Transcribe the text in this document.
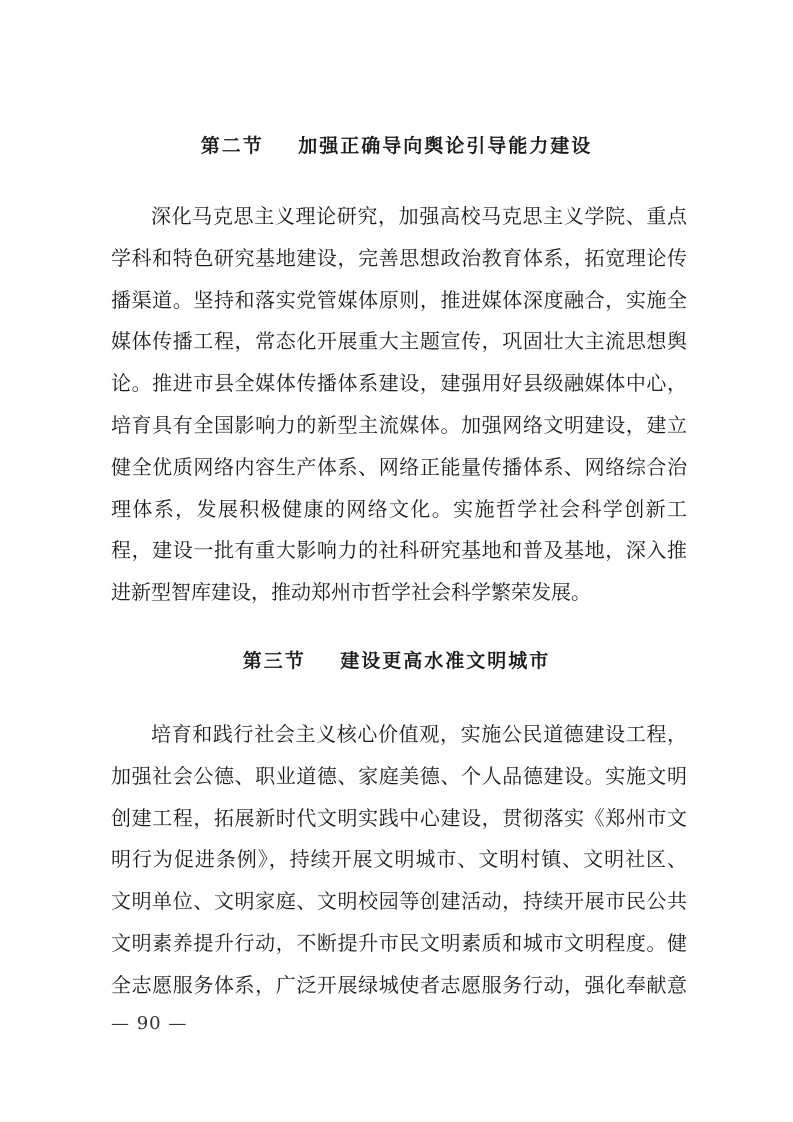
第二节    加强正确导向舆论引导能力建设
深化马克思主义理论研究，加强高校马克思主义学院、重点
学科和特色研究基地建设，完善思想政治教育体系，拓宽理论传
播渠道。坚持和落实党管媒体原则，推进媒体深度融合，实施全
媒体传播工程，常态化开展重大主题宣传，巩固壮大主流思想舆
论。推进市县全媒体传播体系建设，建强用好县级融媒体中心，
培育具有全国影响力的新型主流媒体。加强网络文明建设，建立
健全优质网络内容生产体系、网络正能量传播体系、网络综合治
理体系，发展积极健康的网络文化。实施哲学社会科学创新工
程，建设一批有重大影响力的社科研究基地和普及基地，深入推
进新型智库建设，推动郑州市哲学社会科学繁荣发展。
第三节    建设更高水准文明城市
培育和践行社会主义核心价值观，实施公民道德建设工程，
加强社会公德、职业道德、家庭美德、个人品德建设。实施文明
创建工程，拓展新时代文明实践中心建设，贯彻落实《郑州市文
明行为促进条例》，持续开展文明城市、文明村镇、文明社区、
文明单位、文明家庭、文明校园等创建活动，持续开展市民公共
文明素养提升行动，不断提升市民文明素质和城市文明程度。健
全志愿服务体系，广泛开展绿城使者志愿服务行动，强化奉献意
— 90 —
